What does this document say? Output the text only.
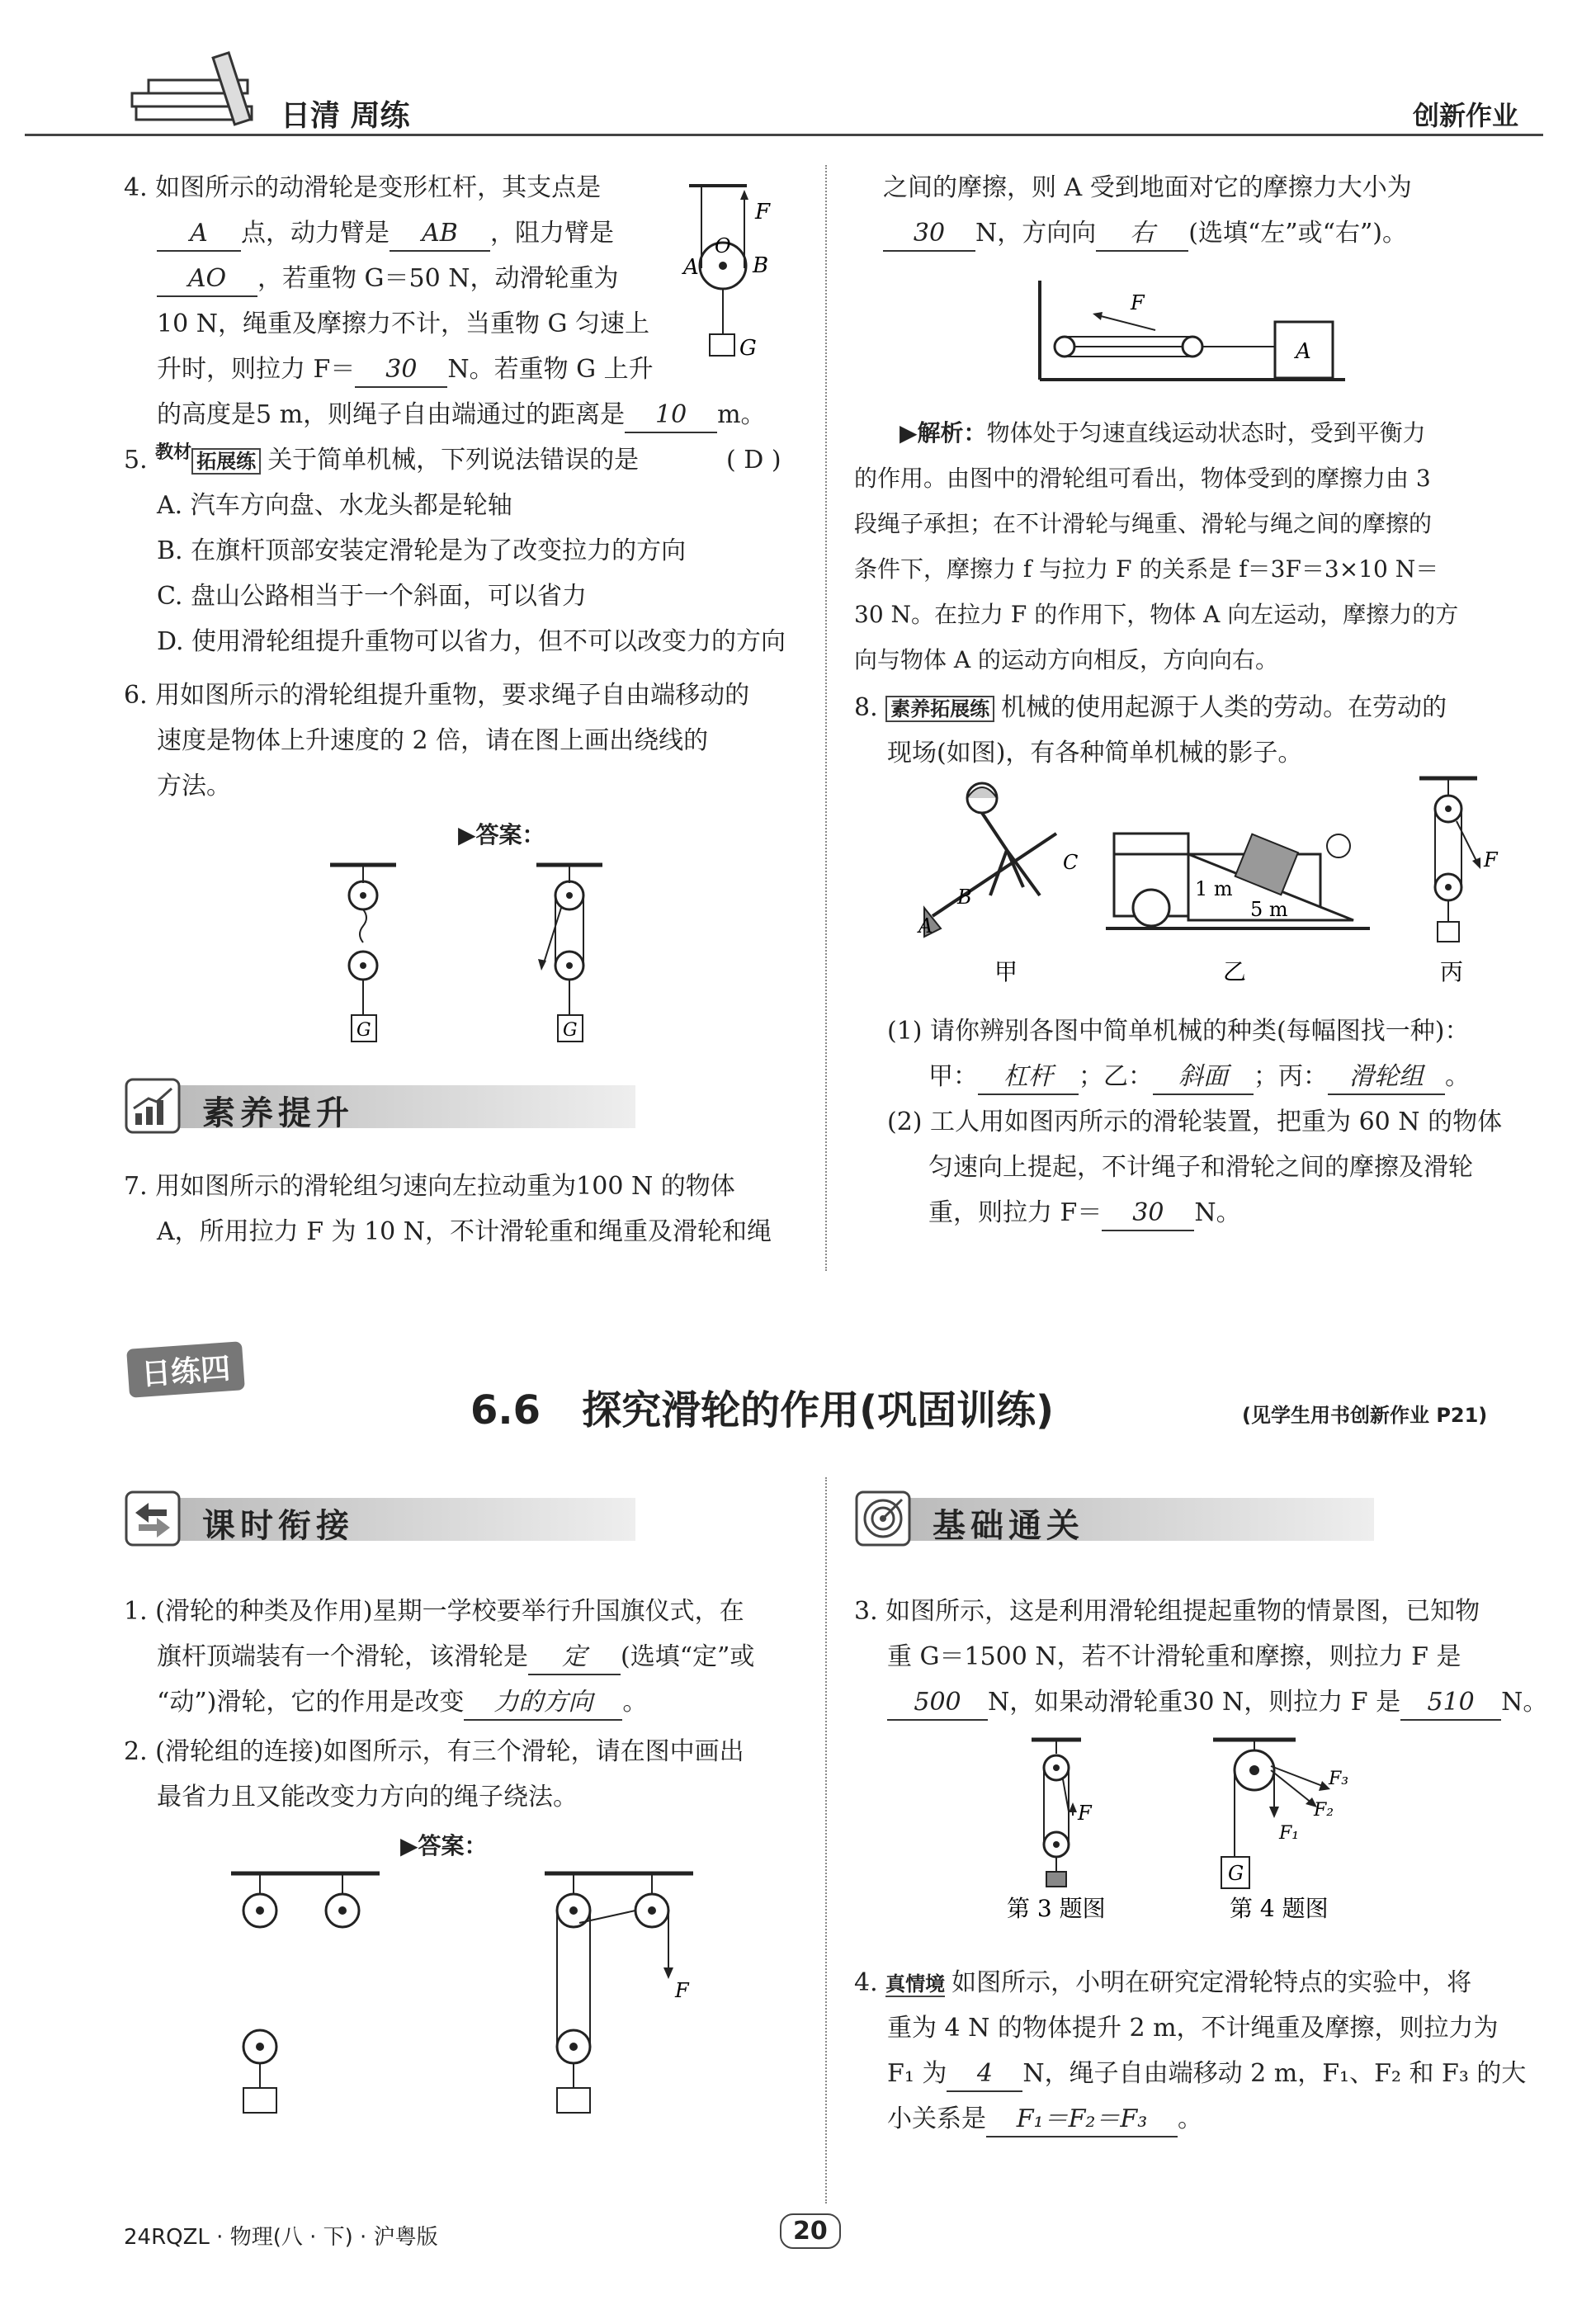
日清 周练	创新作业
4. 如图所示的动滑轮是变形杠杆，其支点是
A 点，动力臂是 AB ，阻力臂是
AO ，若重物 G＝50 N，动滑轮重为
10 N，绳重及摩擦力不计，当重物 G 匀速上
升时，则拉力 F＝ 30 N。若重物 G 上升
的高度是5 m，则绳子自由端通过的距离是 10 m。
A
O
B
F
G
5. $^{教材}$ 拓展练 关于简单机械，下列说法错误的是	( D )
A. 汽车方向盘、水龙头都是轮轴
B. 在旗杆顶部安装定滑轮是为了改变拉力的方向
C. 盘山公路相当于一个斜面，可以省力
D. 使用滑轮组提升重物可以省力，但不可以改变力的方向
6. 用如图所示的滑轮组提升重物，要求绳子自由端移动的
速度是物体上升速度的 2 倍，请在图上画出绕线的
方法。
▶答案：
G	G
素养提升
7. 用如图所示的滑轮组匀速向左拉动重为100 N 的物体
A，所用拉力 F 为 10 N，不计滑轮重和绳重及滑轮和绳
之间的摩擦，则 A 受到地面对它的摩擦力大小为
30 N，方向向 右 (选填“左”或“右”)。
F
A
▶解析：物体处于匀速直线运动状态时，受到平衡力
的作用。由图中的滑轮组可看出，物体受到的摩擦力由 3
段绳子承担；在不计滑轮与绳重、滑轮与绳之间的摩擦的
条件下，摩擦力 f 与拉力 F 的关系是 f＝3F＝3×10 N＝
30 N。在拉力 F 的作用下，物体 A 向左运动，摩擦力的方
向与物体 A 的运动方向相反，方向向右。
8. 素养拓展练 机械的使用起源于人类的劳动。在劳动的
现场(如图)，有各种简单机械的影子。
A
B
C
1 m
5 m
F
甲	乙	丙
(1) 请你辨别各图中简单机械的种类(每幅图找一种)：
甲： 杠杆 ；乙： 斜面 ；丙： 滑轮组 。
(2) 工人用如图丙所示的滑轮装置，把重为 60 N 的物体
匀速向上提起，不计绳子和滑轮之间的摩擦及滑轮
重，则拉力 F＝ 30 N。
日练四
6.6   探究滑轮的作用(巩固训练)	(见学生用书创新作业 P21)
课时衔接
1. (滑轮的种类及作用)星期一学校要举行升国旗仪式，在
旗杆顶端装有一个滑轮，该滑轮是 定 (选填“定”或
“动”)滑轮，它的作用是改变 力的方向 。
2. (滑轮组的连接)如图所示，有三个滑轮，请在图中画出
最省力且又能改变力方向的绳子绕法。
▶答案：
F
基础通关
3. 如图所示，这是利用滑轮组提起重物的情景图，已知物
重 G＝1500 N，若不计滑轮重和摩擦，则拉力 F 是
500 N，如果动滑轮重30 N，则拉力 F 是 510 N。
F
F₃
F₂
F₁
G
第 3 题图	第 4 题图
4. 真情境 如图所示，小明在研究定滑轮特点的实验中，将
重为 4 N 的物体提升 2 m，不计绳重及摩擦，则拉力为
F₁ 为 4 N，绳子自由端移动 2 m，F₁、F₂ 和 F₃ 的大
小关系是 F₁＝F₂＝F₃ 。
24RQZL · 物理(八 · 下) · 沪粤版	20
